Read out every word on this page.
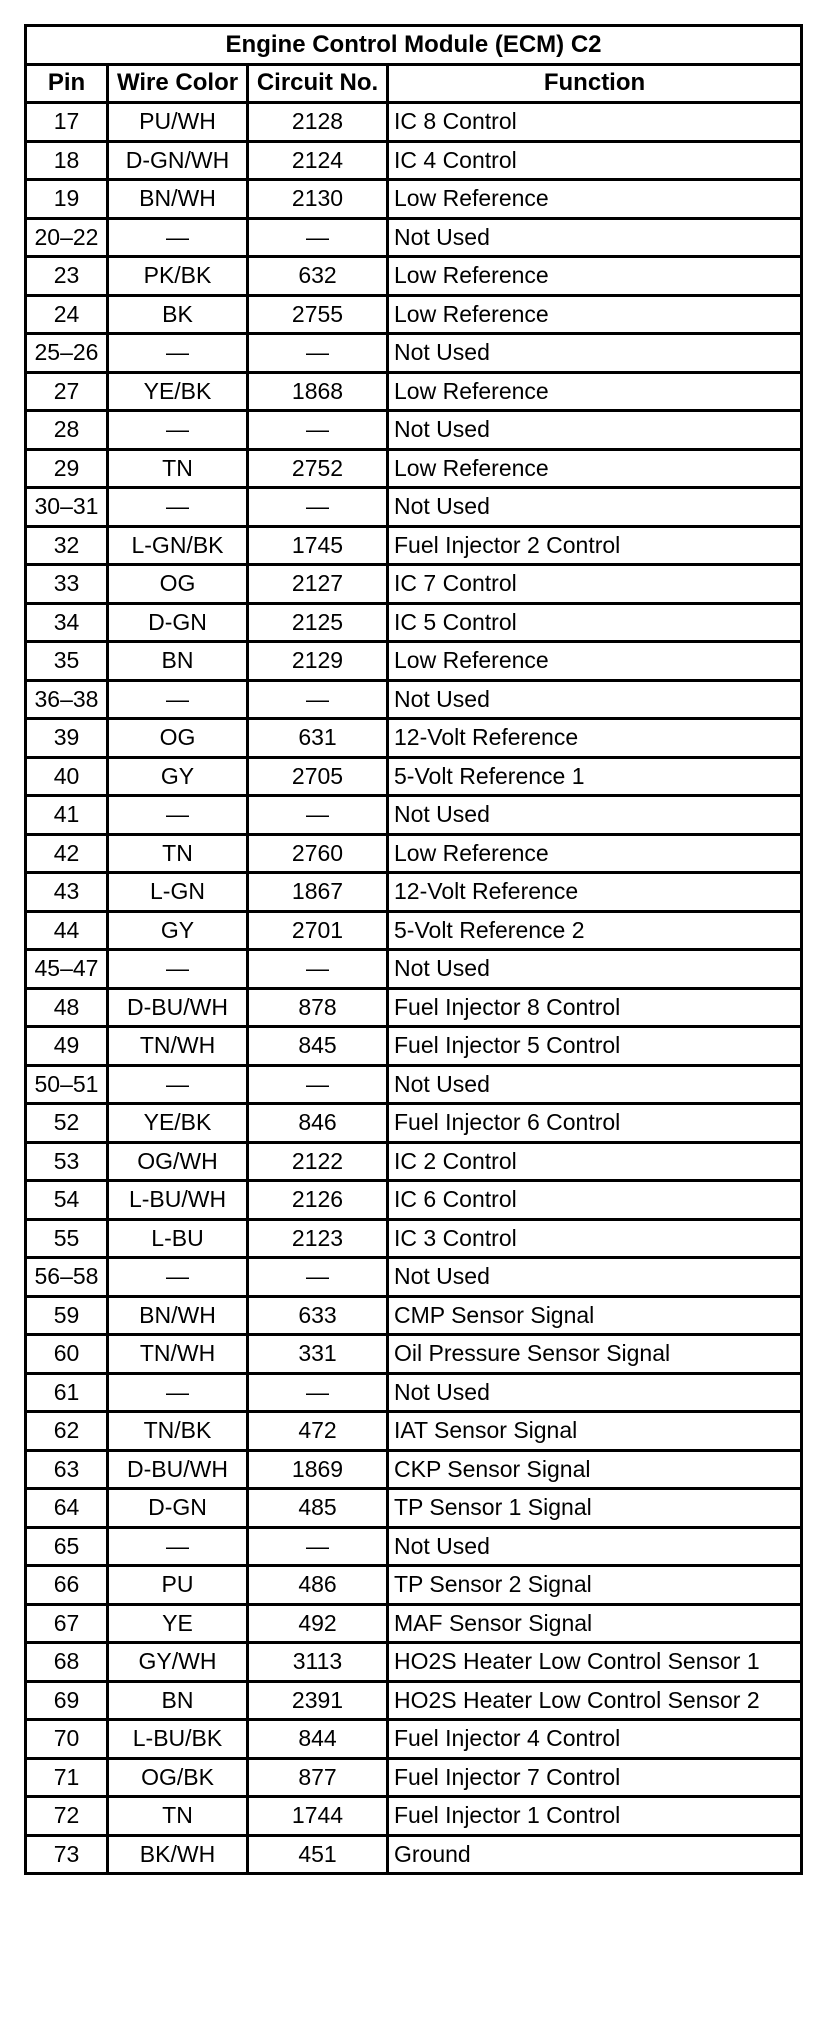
Engine Control Module (ECM) C2			
Pin	Wire Color	Circuit No.	Function
17	PU/WH	2128	IC 8 Control
18	D-GN/WH	2124	IC 4 Control
19	BN/WH	2130	Low Reference
20–22	—	—	Not Used
23	PK/BK	632	Low Reference
24	BK	2755	Low Reference
25–26	—	—	Not Used
27	YE/BK	1868	Low Reference
28	—	—	Not Used
29	TN	2752	Low Reference
30–31	—	—	Not Used
32	L-GN/BK	1745	Fuel Injector 2 Control
33	OG	2127	IC 7 Control
34	D-GN	2125	IC 5 Control
35	BN	2129	Low Reference
36–38	—	—	Not Used
39	OG	631	12-Volt Reference
40	GY	2705	5-Volt Reference 1
41	—	—	Not Used
42	TN	2760	Low Reference
43	L-GN	1867	12-Volt Reference
44	GY	2701	5-Volt Reference 2
45–47	—	—	Not Used
48	D-BU/WH	878	Fuel Injector 8 Control
49	TN/WH	845	Fuel Injector 5 Control
50–51	—	—	Not Used
52	YE/BK	846	Fuel Injector 6 Control
53	OG/WH	2122	IC 2 Control
54	L-BU/WH	2126	IC 6 Control
55	L-BU	2123	IC 3 Control
56–58	—	—	Not Used
59	BN/WH	633	CMP Sensor Signal
60	TN/WH	331	Oil Pressure Sensor Signal
61	—	—	Not Used
62	TN/BK	472	IAT Sensor Signal
63	D-BU/WH	1869	CKP Sensor Signal
64	D-GN	485	TP Sensor 1 Signal
65	—	—	Not Used
66	PU	486	TP Sensor 2 Signal
67	YE	492	MAF Sensor Signal
68	GY/WH	3113	HO2S Heater Low Control Sensor 1
69	BN	2391	HO2S Heater Low Control Sensor 2
70	L-BU/BK	844	Fuel Injector 4 Control
71	OG/BK	877	Fuel Injector 7 Control
72	TN	1744	Fuel Injector 1 Control
73	BK/WH	451	Ground
